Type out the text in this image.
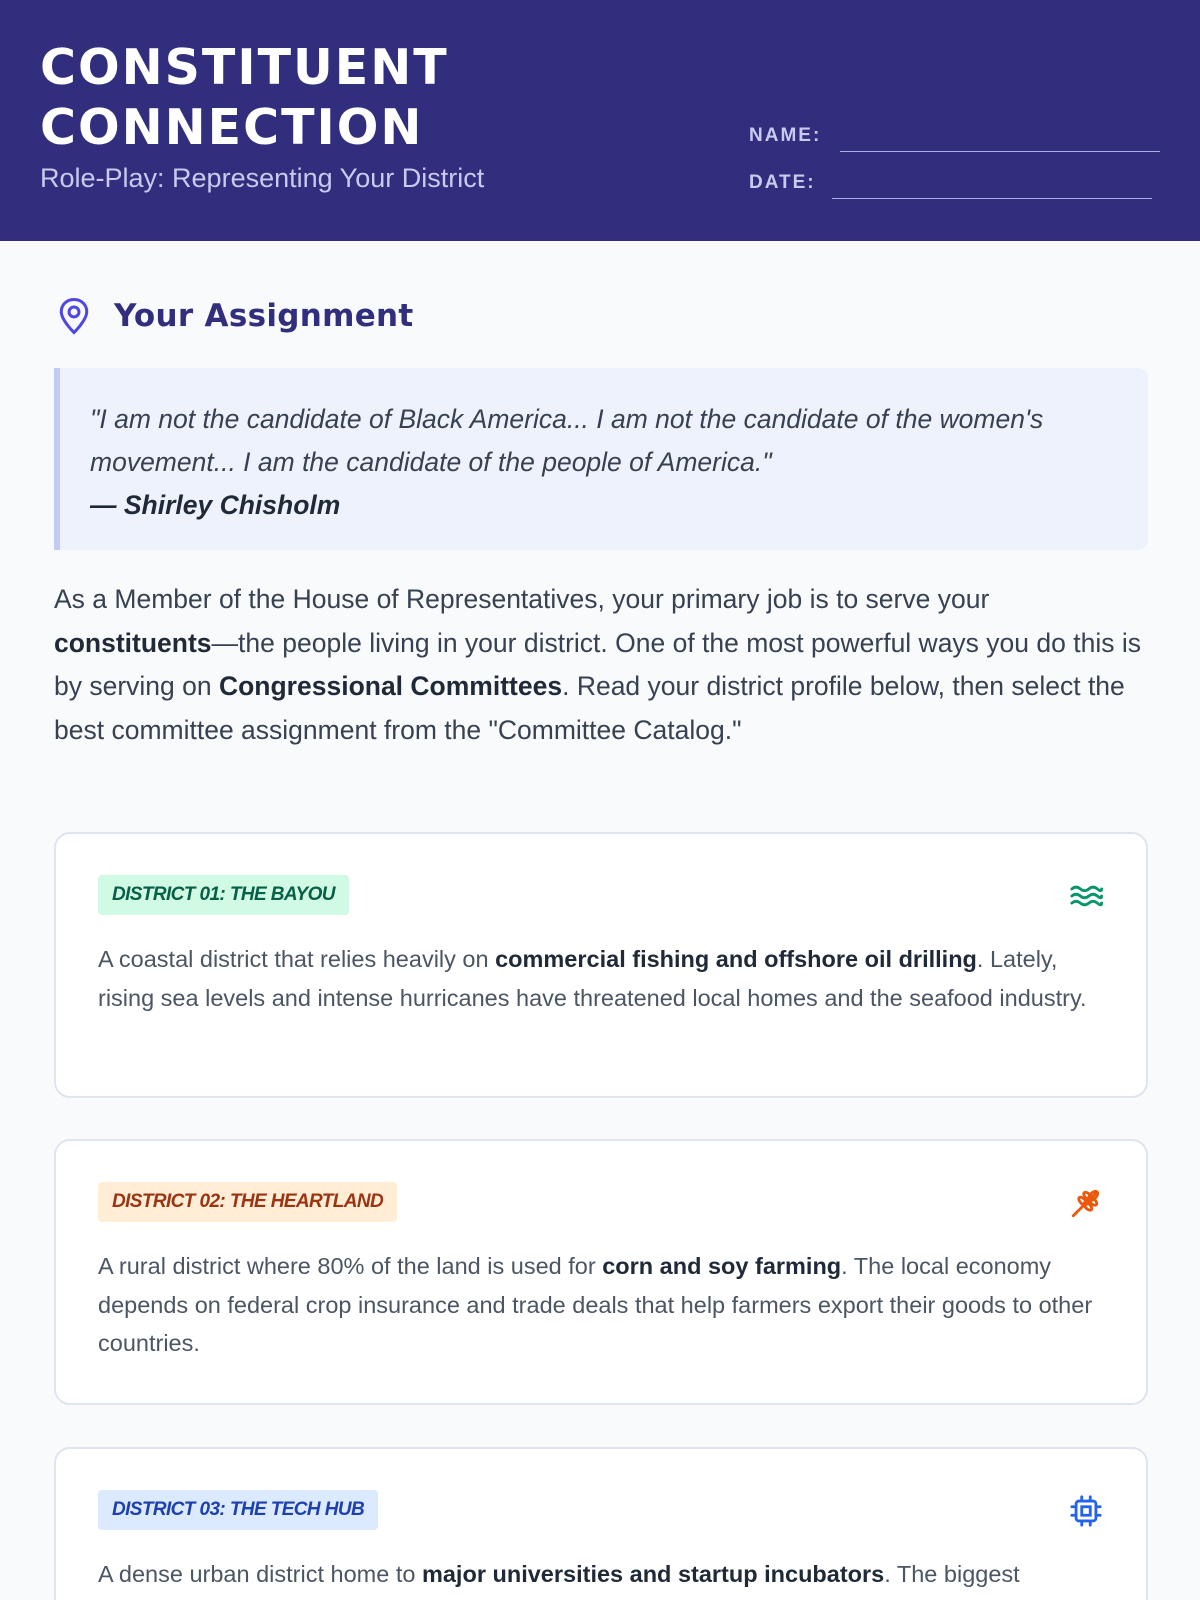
CONSTITUENT CONNECTION
Role-Play: Representing Your District
NAME:
DATE:
Your Assignment
"I am not the candidate of Black America... I am not the candidate of the women's movement... I am the candidate of the people of America."
— Shirley Chisholm
As a Member of the House of Representatives, your primary job is to serve your constituents—the people living in your district. One of the most powerful ways you do this is by serving on Congressional Committees. Read your district profile below, then select the best committee assignment from the "Committee Catalog."
DISTRICT 01: THE BAYOU

A coastal district that relies heavily on commercial fishing and offshore oil drilling. Lately, rising sea levels and intense hurricanes have threatened local homes and the seafood industry.

DISTRICT 02: THE HEARTLAND

A rural district where 80% of the land is used for corn and soy farming. The local economy depends on federal crop insurance and trade deals that help farmers export their goods to other countries.

DISTRICT 03: THE TECH HUB

A dense urban district home to major universities and startup incubators. The biggest
